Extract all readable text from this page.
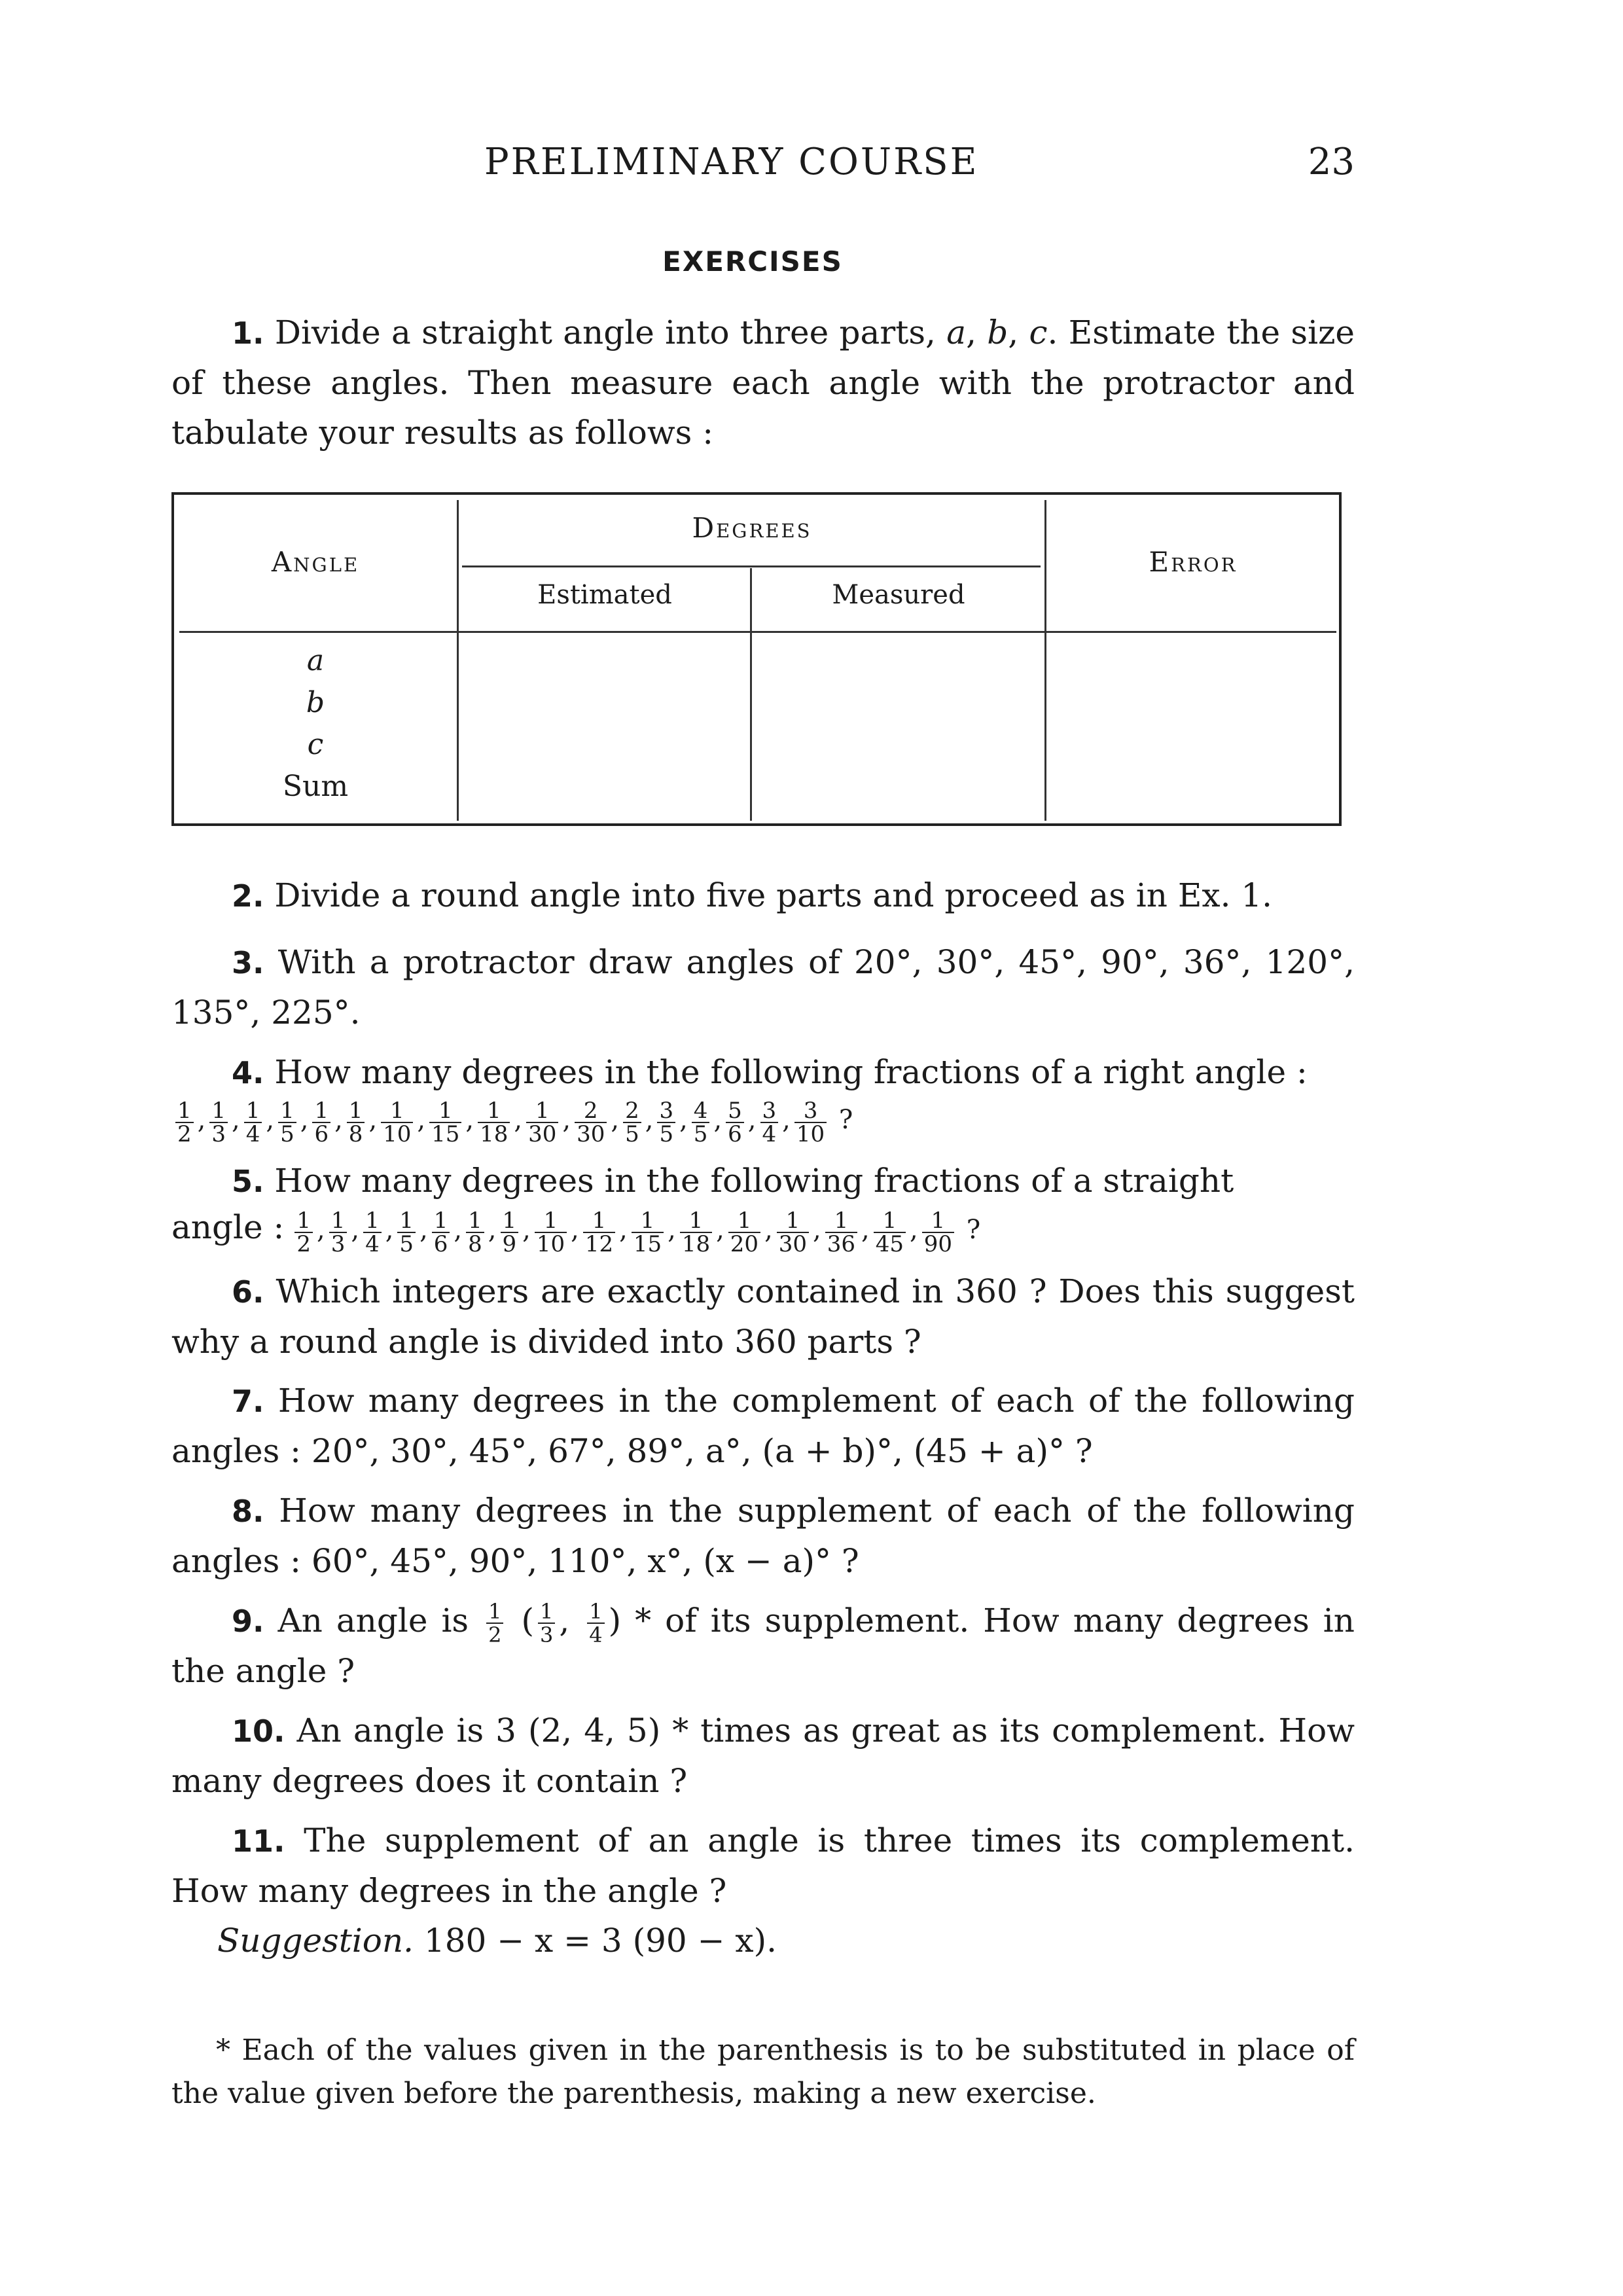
PRELIMINARY COURSE	23
EXERCISES
1. Divide a straight angle into three parts, a, b, c. Estimate the size of these angles. Then measure each angle with the protractor and tabulate your results as follows :
Angle
Degrees
Error
Estimated	Measured
a
b
c
Sum
2. Divide a round angle into five parts and proceed as in Ex. 1.
3. With a protractor draw angles of 20°, 30°, 45°, 90°, 36°, 120°, 135°, 225°.
4. How many degrees in the following fractions of a right angle :
$\frac{1}{2}$ , $\frac{1}{3}$ , $\frac{1}{4}$ , $\frac{1}{5}$ , $\frac{1}{6}$ , $\frac{1}{8}$ , $\frac{1}{10}$ , $\frac{1}{15}$ , $\frac{1}{18}$ , $\frac{1}{30}$ , $\frac{2}{30}$ , $\frac{2}{5}$ , $\frac{3}{5}$ , $\frac{4}{5}$ , $\frac{5}{6}$ , $\frac{3}{4}$ , $\frac{3}{10}$ ?
5. How many degrees in the following fractions of a straight
angle : $\frac{1}{2}$ , $\frac{1}{3}$ , $\frac{1}{4}$ , $\frac{1}{5}$ , $\frac{1}{6}$ , $\frac{1}{8}$ , $\frac{1}{9}$ , $\frac{1}{10}$ , $\frac{1}{12}$ , $\frac{1}{15}$ , $\frac{1}{18}$ , $\frac{1}{20}$ , $\frac{1}{30}$ , $\frac{1}{36}$ , $\frac{1}{45}$ , $\frac{1}{90}$ ?
6. Which integers are exactly contained in 360 ? Does this suggest why a round angle is divided into 360 parts ?
7. How many degrees in the complement of each of the following angles : 20°, 30°, 45°, 67°, 89°, a°, (a + b)°, (45 + a)° ?
8. How many degrees in the supplement of each of the following angles : 60°, 45°, 90°, 110°, x°, (x − a)° ?
9. An angle is $\frac{1}{2}$ ( $\frac{1}{3}$ , $\frac{1}{4}$ ) * of its supplement. How many degrees in the angle ?
10. An angle is 3 (2, 4, 5) * times as great as its complement. How many degrees does it contain ?
11. The supplement of an angle is three times its complement. How many degrees in the angle ?
Suggestion. 180 − x = 3 (90 − x).
* Each of the values given in the parenthesis is to be substituted in place of the value given before the parenthesis, making a new exercise.
